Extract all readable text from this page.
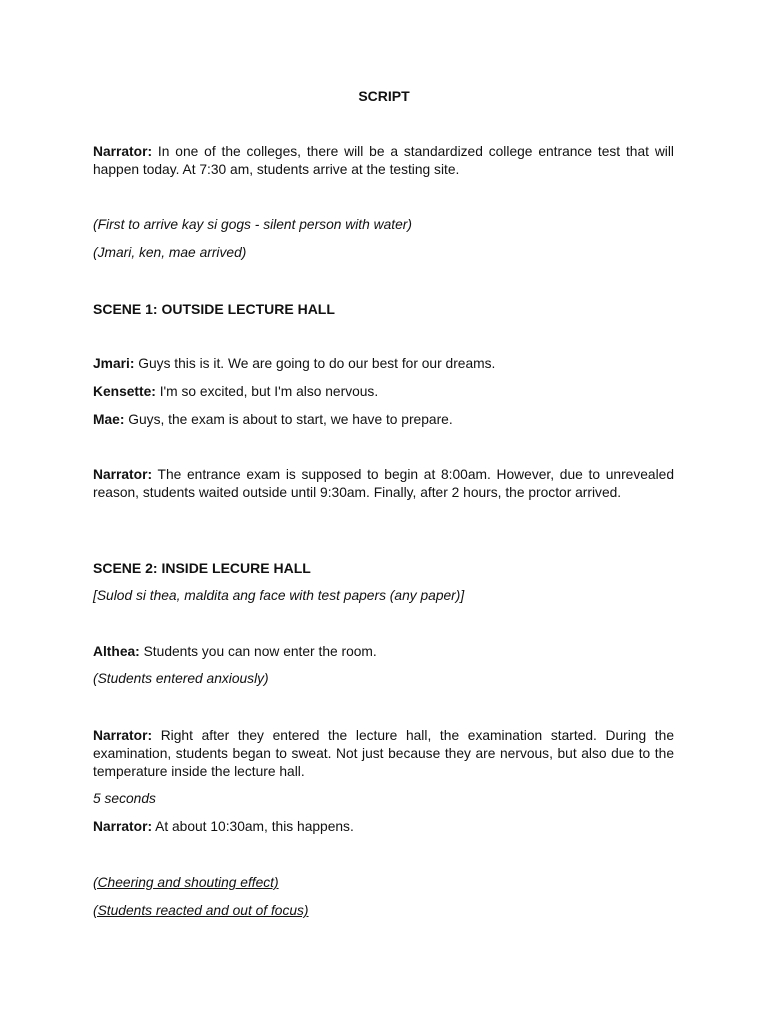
SCRIPT

Narrator: In one of the colleges, there will be a standardized college entrance test that will happen today. At 7:30 am, students arrive at the testing site.

(First to arrive kay si gogs - silent person with water)

(Jmari, ken, mae arrived)

SCENE 1: OUTSIDE LECTURE HALL

Jmari: Guys this is it. We are going to do our best for our dreams.

Kensette: I'm so excited, but I'm also nervous.

Mae: Guys, the exam is about to start, we have to prepare.

Narrator: The entrance exam is supposed to begin at 8:00am. However, due to unrevealed reason, students waited outside until 9:30am. Finally, after 2 hours, the proctor arrived.

SCENE 2: INSIDE LECURE HALL

[Sulod si thea, maldita ang face with test papers (any paper)]

Althea: Students you can now enter the room.

(Students entered anxiously)

Narrator: Right after they entered the lecture hall, the examination started. During the examination, students began to sweat. Not just because they are nervous, but also due to the temperature inside the lecture hall.

5 seconds

Narrator: At about 10:30am, this happens.

(Cheering and shouting effect)

(Students reacted and out of focus)
